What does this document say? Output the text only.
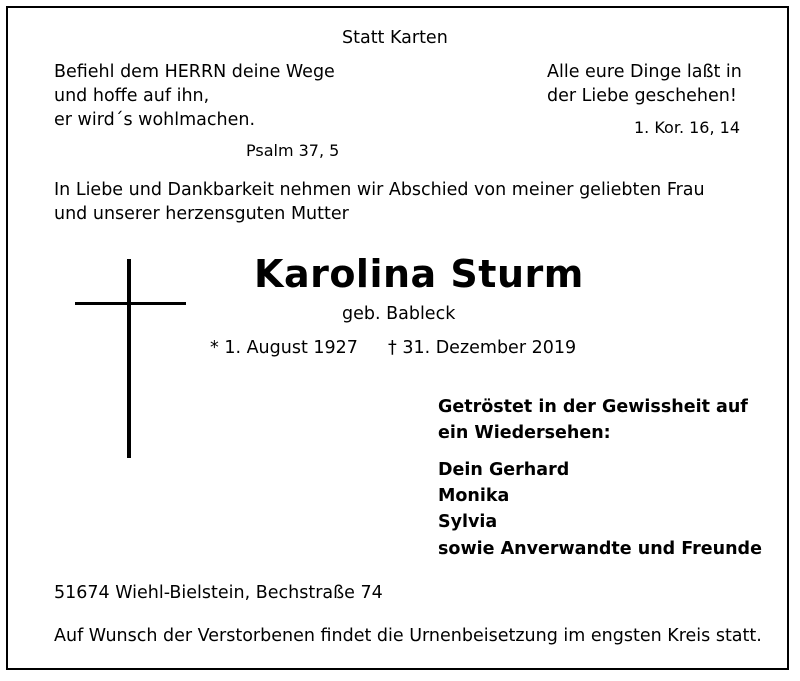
Statt Karten
Befiehl dem HERRN deine Wege
und hoffe auf ihn,
er wird´s wohlmachen.
Psalm 37, 5
Alle eure Dinge laßt in
der Liebe geschehen!
1. Kor. 16, 14
In Liebe und Dankbarkeit nehmen wir Abschied von meiner geliebten Frau
und unserer herzensguten Mutter
Karolina Sturm
geb. Bableck
* 1. August 1927 † 31. Dezember 2019
Getröstet in der Gewissheit auf
ein Wiedersehen:
Dein Gerhard
Monika
Sylvia
sowie Anverwandte und Freunde
51674 Wiehl-Bielstein, Bechstraße 74
Auf Wunsch der Verstorbenen findet die Urnenbeisetzung im engsten Kreis statt.
